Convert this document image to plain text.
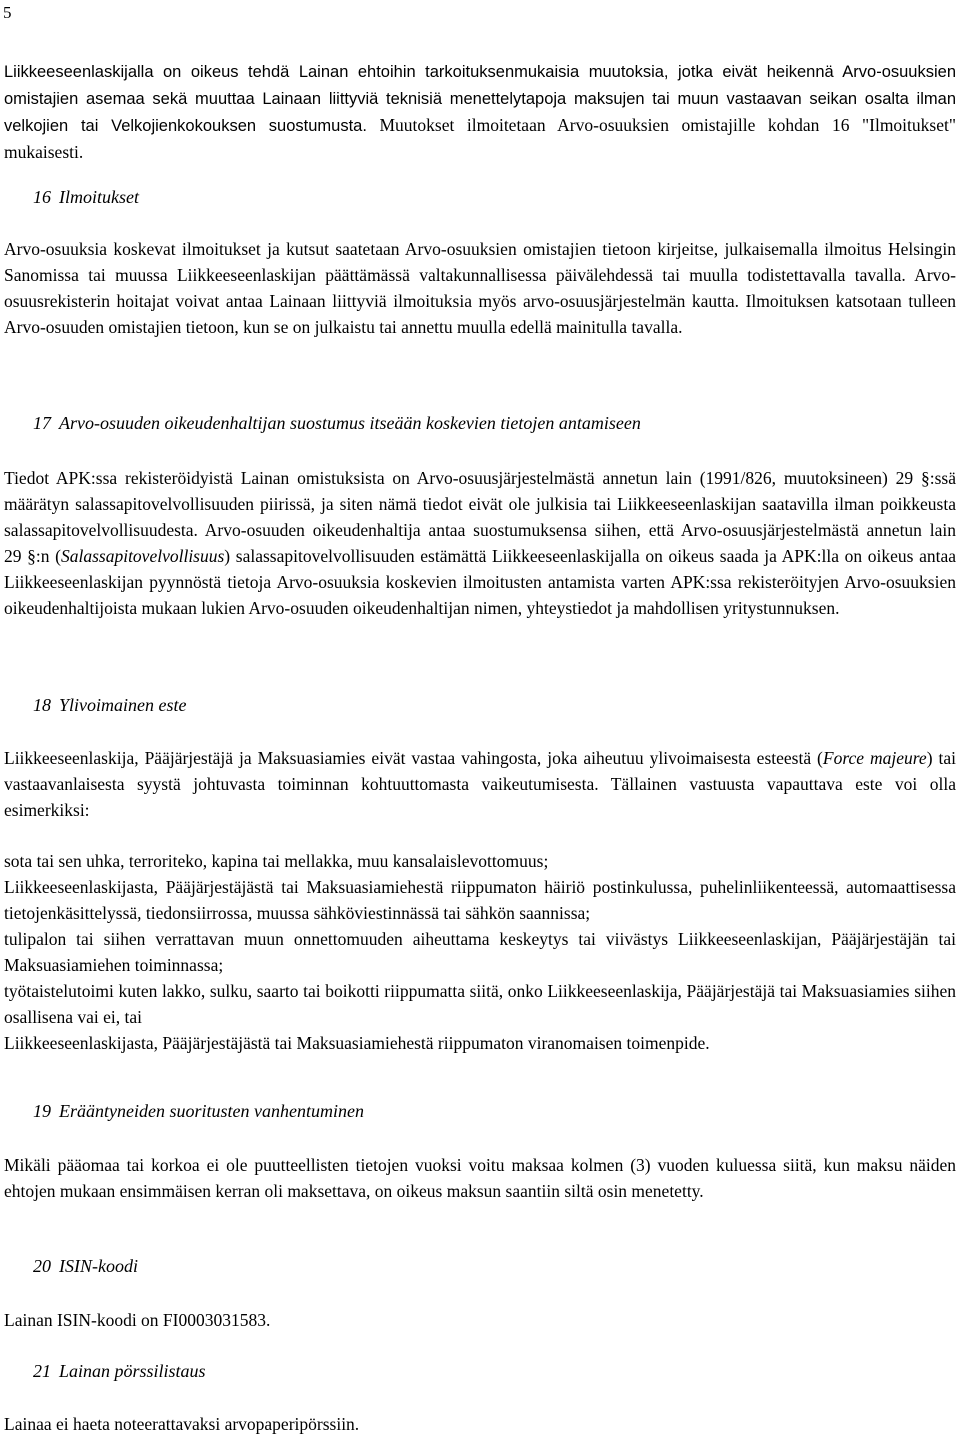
5
Liikkeeseenlaskijalla on oikeus tehdä Lainan ehtoihin tarkoituksenmukaisia muutoksia, jotka eivät heikennä Arvo-osuuksien omistajien asemaa sekä muuttaa Lainaan liittyviä teknisiä menettelytapoja maksujen tai muun vastaavan seikan osalta ilman velkojien tai Velkojienkokouksen suostumusta. Muutokset ilmoitetaan Arvo-osuuksien omistajille kohdan 16 "Ilmoitukset" mukaisesti.
16 Ilmoitukset
Arvo-osuuksia koskevat ilmoitukset ja kutsut saatetaan Arvo-osuuksien omistajien tietoon kirjeitse, julkaisemalla ilmoitus Helsingin Sanomissa tai muussa Liikkeeseenlaskijan päättämässä valtakunnallisessa päivälehdessä tai muulla todistettavalla tavalla. Arvo-osuusrekisterin hoitajat voivat antaa Lainaan liittyviä ilmoituksia myös arvo-osuusjärjestelmän kautta. Ilmoituksen katsotaan tulleen Arvo-osuuden omistajien tietoon, kun se on julkaistu tai annettu muulla edellä mainitulla tavalla.
17 Arvo-osuuden oikeudenhaltijan suostumus itseään koskevien tietojen antamiseen

Tiedot APK:ssa rekisteröidyistä Lainan omistuksista on Arvo-osuusjärjestelmästä annetun lain (1991/826, muutoksineen) 29 §:ssä määrätyn salassapitovelvollisuuden piirissä, ja siten nämä tiedot eivät ole julkisia tai Liikkeeseenlaskijan saatavilla ilman poikkeusta salassapitovelvollisuudesta. Arvo-osuuden oikeudenhaltija antaa suostumuksensa siihen, että Arvo-osuusjärjestelmästä annetun lain

29 §:n (Salassapitovelvollisuus) salassapitovelvollisuuden estämättä Liikkeeseenlaskijalla on oikeus saada ja APK:lla on oikeus antaa Liikkeeseenlaskijan pyynnöstä tietoja Arvo-osuuksia koskevien ilmoitusten antamista varten APK:ssa rekisteröityjen Arvo-osuuksien oikeudenhaltijoista mukaan lukien Arvo-osuuden oikeudenhaltijan nimen, yhteystiedot ja mahdollisen yritystunnuksen.

18 Ylivoimainen este
Liikkeeseenlaskija, Pääjärjestäjä ja Maksuasiamies eivät vastaa vahingosta, joka aiheutuu ylivoimaisesta esteestä (Force majeure) tai vastaavanlaisesta syystä johtuvasta toiminnan kohtuuttomasta vaikeutumisesta. Tällainen vastuusta vapauttava este voi olla esimerkiksi:

sota tai sen uhka, terroriteko, kapina tai mellakka, muu kansalaislevottomuus;

Liikkeeseenlaskijasta, Pääjärjestäjästä tai Maksuasiamiehestä riippumaton häiriö postinkulussa, puhelinliikenteessä, automaattisessa tietojenkäsittelyssä, tiedonsiirrossa, muussa sähköviestinnässä tai sähkön saannissa;

tulipalon tai siihen verrattavan muun onnettomuuden aiheuttama keskeytys tai viivästys Liikkeeseenlaskijan, Pääjärjestäjän tai Maksuasiamiehen toiminnassa;

työtaistelutoimi kuten lakko, sulku, saarto tai boikotti riippumatta siitä, onko Liikkeeseenlaskija, Pääjärjestäjä tai Maksuasiamies siihen osallisena vai ei, tai

Liikkeeseenlaskijasta, Pääjärjestäjästä tai Maksuasiamiehestä riippumaton viranomaisen toimenpide.

19 Erääntyneiden suoritusten vanhentuminen
Mikäli pääomaa tai korkoa ei ole puutteellisten tietojen vuoksi voitu maksaa kolmen (3) vuoden kuluessa siitä, kun maksu näiden ehtojen mukaan ensimmäisen kerran oli maksettava, on oikeus maksun saantiin siltä osin menetetty.
20 ISIN-koodi
Lainan ISIN-koodi on FI0003031583.
21 Lainan pörssilistaus
Lainaa ei haeta noteerattavaksi arvopaperipörssiin.
